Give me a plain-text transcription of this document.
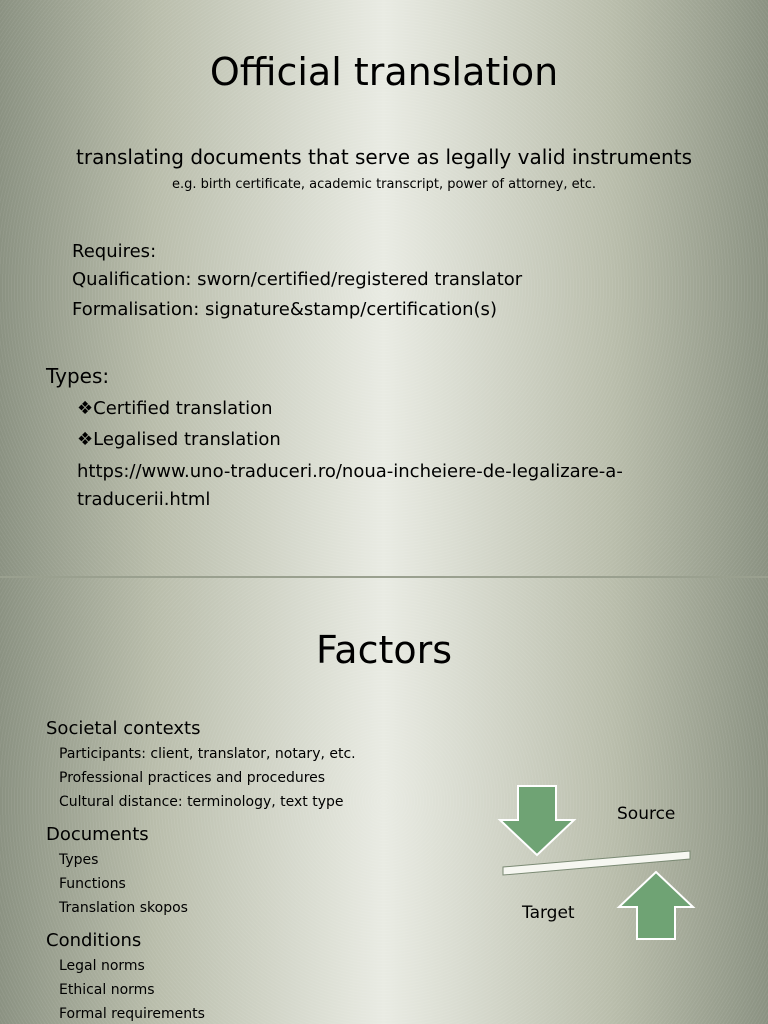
Official translation
translating documents that serve as legally valid instruments
e.g. birth certificate, academic transcript, power of attorney, etc.
Requires:
Qualification: sworn/certified/registered translator
Formalisation: signature&stamp/certification(s)
Types:
❖Certified translation
❖Legalised translation
https://www.uno-traduceri.ro/noua-incheiere-de-legalizare-a-
traducerii.html
Factors
Societal contexts
Participants: client, translator, notary, etc.
Professional practices and procedures
Cultural distance: terminology, text type
Documents
Types
Functions
Translation skopos
Conditions
Legal norms
Ethical norms
Formal requirements
Source
Target
